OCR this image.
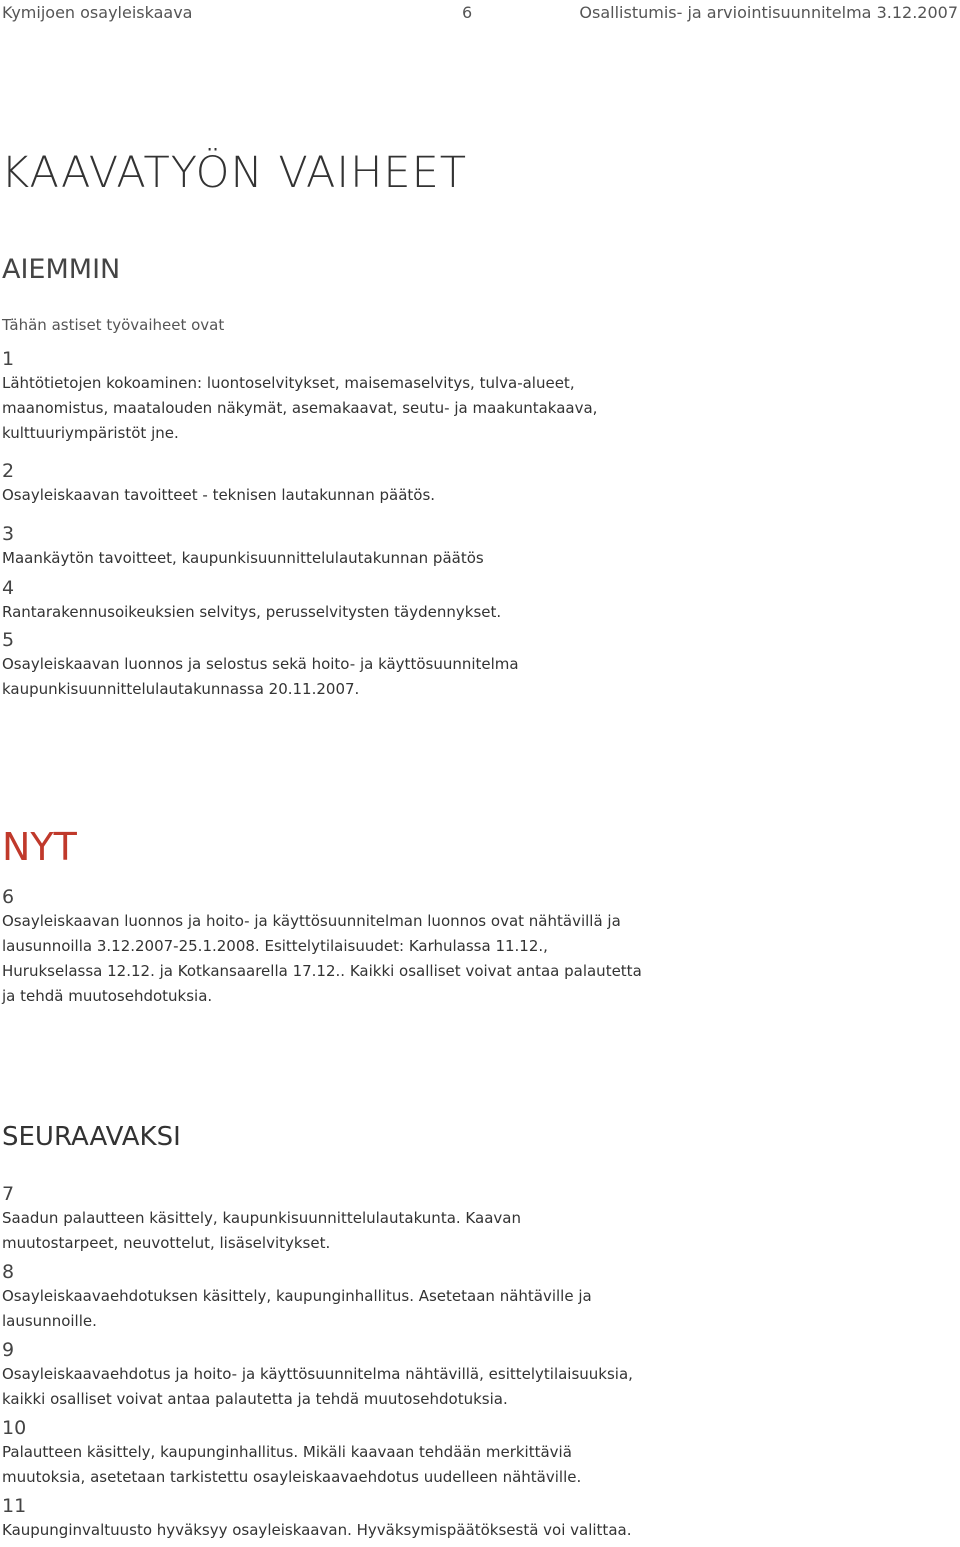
Kymijoen osayleiskaava	6	Osallistumis- ja arviointisuunnitelma 3.12.2007
KAAVATYÖN VAIHEET
AIEMMIN

Tähän astiset työvaiheet ovat

1

Lähtötietojen kokoaminen: luontoselvitykset, maisemaselvitys, tulva-alueet, maanomistus, maatalouden näkymät, asemakaavat, seutu- ja maakuntakaava, kulttuuriympäristöt jne.

2

Osayleiskaavan tavoitteet - teknisen lautakunnan päätös.

3

Maankäytön tavoitteet, kaupunkisuunnittelulautakunnan päätös

4

Rantarakennusoikeuksien selvitys, perusselvitysten täydennykset.

5

Osayleiskaavan luonnos ja selostus sekä hoito- ja käyttösuunnitelma kaupunkisuunnittelulautakunnassa 20.11.2007.

NYT
6

Osayleiskaavan luonnos ja hoito- ja käyttösuunnitelman luonnos ovat nähtävillä ja lausunnoilla 3.12.2007-25.1.2008. Esittelytilaisuudet: Karhulassa 11.12., Hurukselassa 12.12. ja Kotkansaarella 17.12.. Kaikki osalliset voivat antaa palautetta ja tehdä muutosehdotuksia.

SEURAAVAKSI
7

Saadun palautteen käsittely, kaupunkisuunnittelulautakunta. Kaavan muutostarpeet, neuvottelut, lisäselvitykset.

8

Osayleiskaavaehdotuksen käsittely, kaupunginhallitus. Asetetaan nähtäville ja lausunnoille.

9

Osayleiskaavaehdotus ja hoito- ja käyttösuunnitelma nähtävillä, esittelytilaisuuksia, kaikki osalliset voivat antaa palautetta ja tehdä muutosehdotuksia.

10

Palautteen käsittely, kaupunginhallitus. Mikäli kaavaan tehdään merkittäviä muutoksia, asetetaan tarkistettu osayleiskaavaehdotus uudelleen nähtäville.

11

Kaupunginvaltuusto hyväksyy osayleiskaavan. Hyväksymispäätöksestä voi valittaa.
